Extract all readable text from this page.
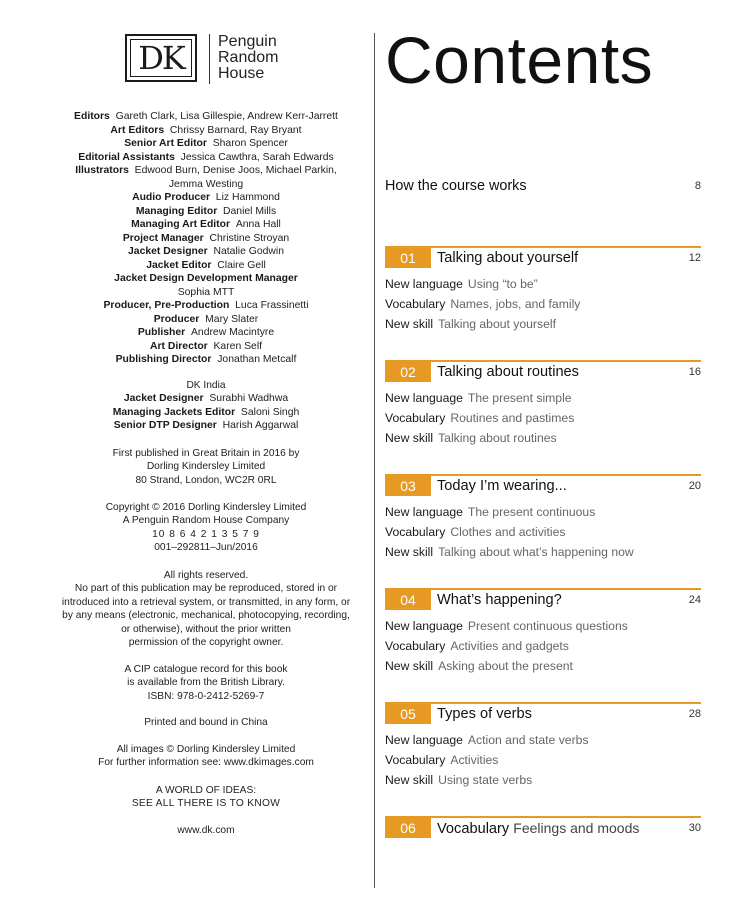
DK	Penguin
Random
House
Editors Gareth Clark, Lisa Gillespie, Andrew Kerr-Jarrett
Art Editors Chrissy Barnard, Ray Bryant
Senior Art Editor Sharon Spencer
Editorial Assistants Jessica Cawthra, Sarah Edwards
Illustrators Edwood Burn, Denise Joos, Michael Parkin,
Jemma Westing
Audio Producer Liz Hammond
Managing Editor Daniel Mills
Managing Art Editor Anna Hall
Project Manager Christine Stroyan
Jacket Designer Natalie Godwin
Jacket Editor Claire Gell
Jacket Design Development Manager
Sophia MTT
Producer, Pre-Production Luca Frassinetti
Producer Mary Slater
Publisher Andrew Macintyre
Art Director Karen Self
Publishing Director Jonathan Metcalf
DK India
Jacket Designer Surabhi Wadhwa
Managing Jackets Editor Saloni Singh
Senior DTP Designer Harish Aggarwal
First published in Great Britain in 2016 by
Dorling Kindersley Limited
80 Strand, London, WC2R 0RL
Copyright © 2016 Dorling Kindersley Limited
A Penguin Random House Company
10 8 6 4 2 1 3 5 7 9
001–292811–Jun/2016
All rights reserved.
No part of this publication may be reproduced, stored in or
introduced into a retrieval system, or transmitted, in any form, or
by any means (electronic, mechanical, photocopying, recording,
or otherwise), without the prior written
permission of the copyright owner.
A CIP catalogue record for this book
is available from the British Library.
ISBN: 978-0-2412-5269-7
Printed and bound in China
All images © Dorling Kindersley Limited
For further information see: www.dkimages.com
A WORLD OF IDEAS:
SEE ALL THERE IS TO KNOW
www.dk.com
Contents
How the course works	8
01	Talking about yourself	12
New language Using “to be”
Vocabulary Names, jobs, and family
New skill Talking about yourself
02	Talking about routines	16
New language The present simple
Vocabulary Routines and pastimes
New skill Talking about routines
03	Today I’m wearing...	20
New language The present continuous
Vocabulary Clothes and activities
New skill Talking about what’s happening now
04	What’s happening?	24
New language Present continuous questions
Vocabulary Activities and gadgets
New skill Asking about the present
05	Types of verbs	28
New language Action and state verbs
Vocabulary Activities
New skill Using state verbs
06	Vocabulary Feelings and moods	30
